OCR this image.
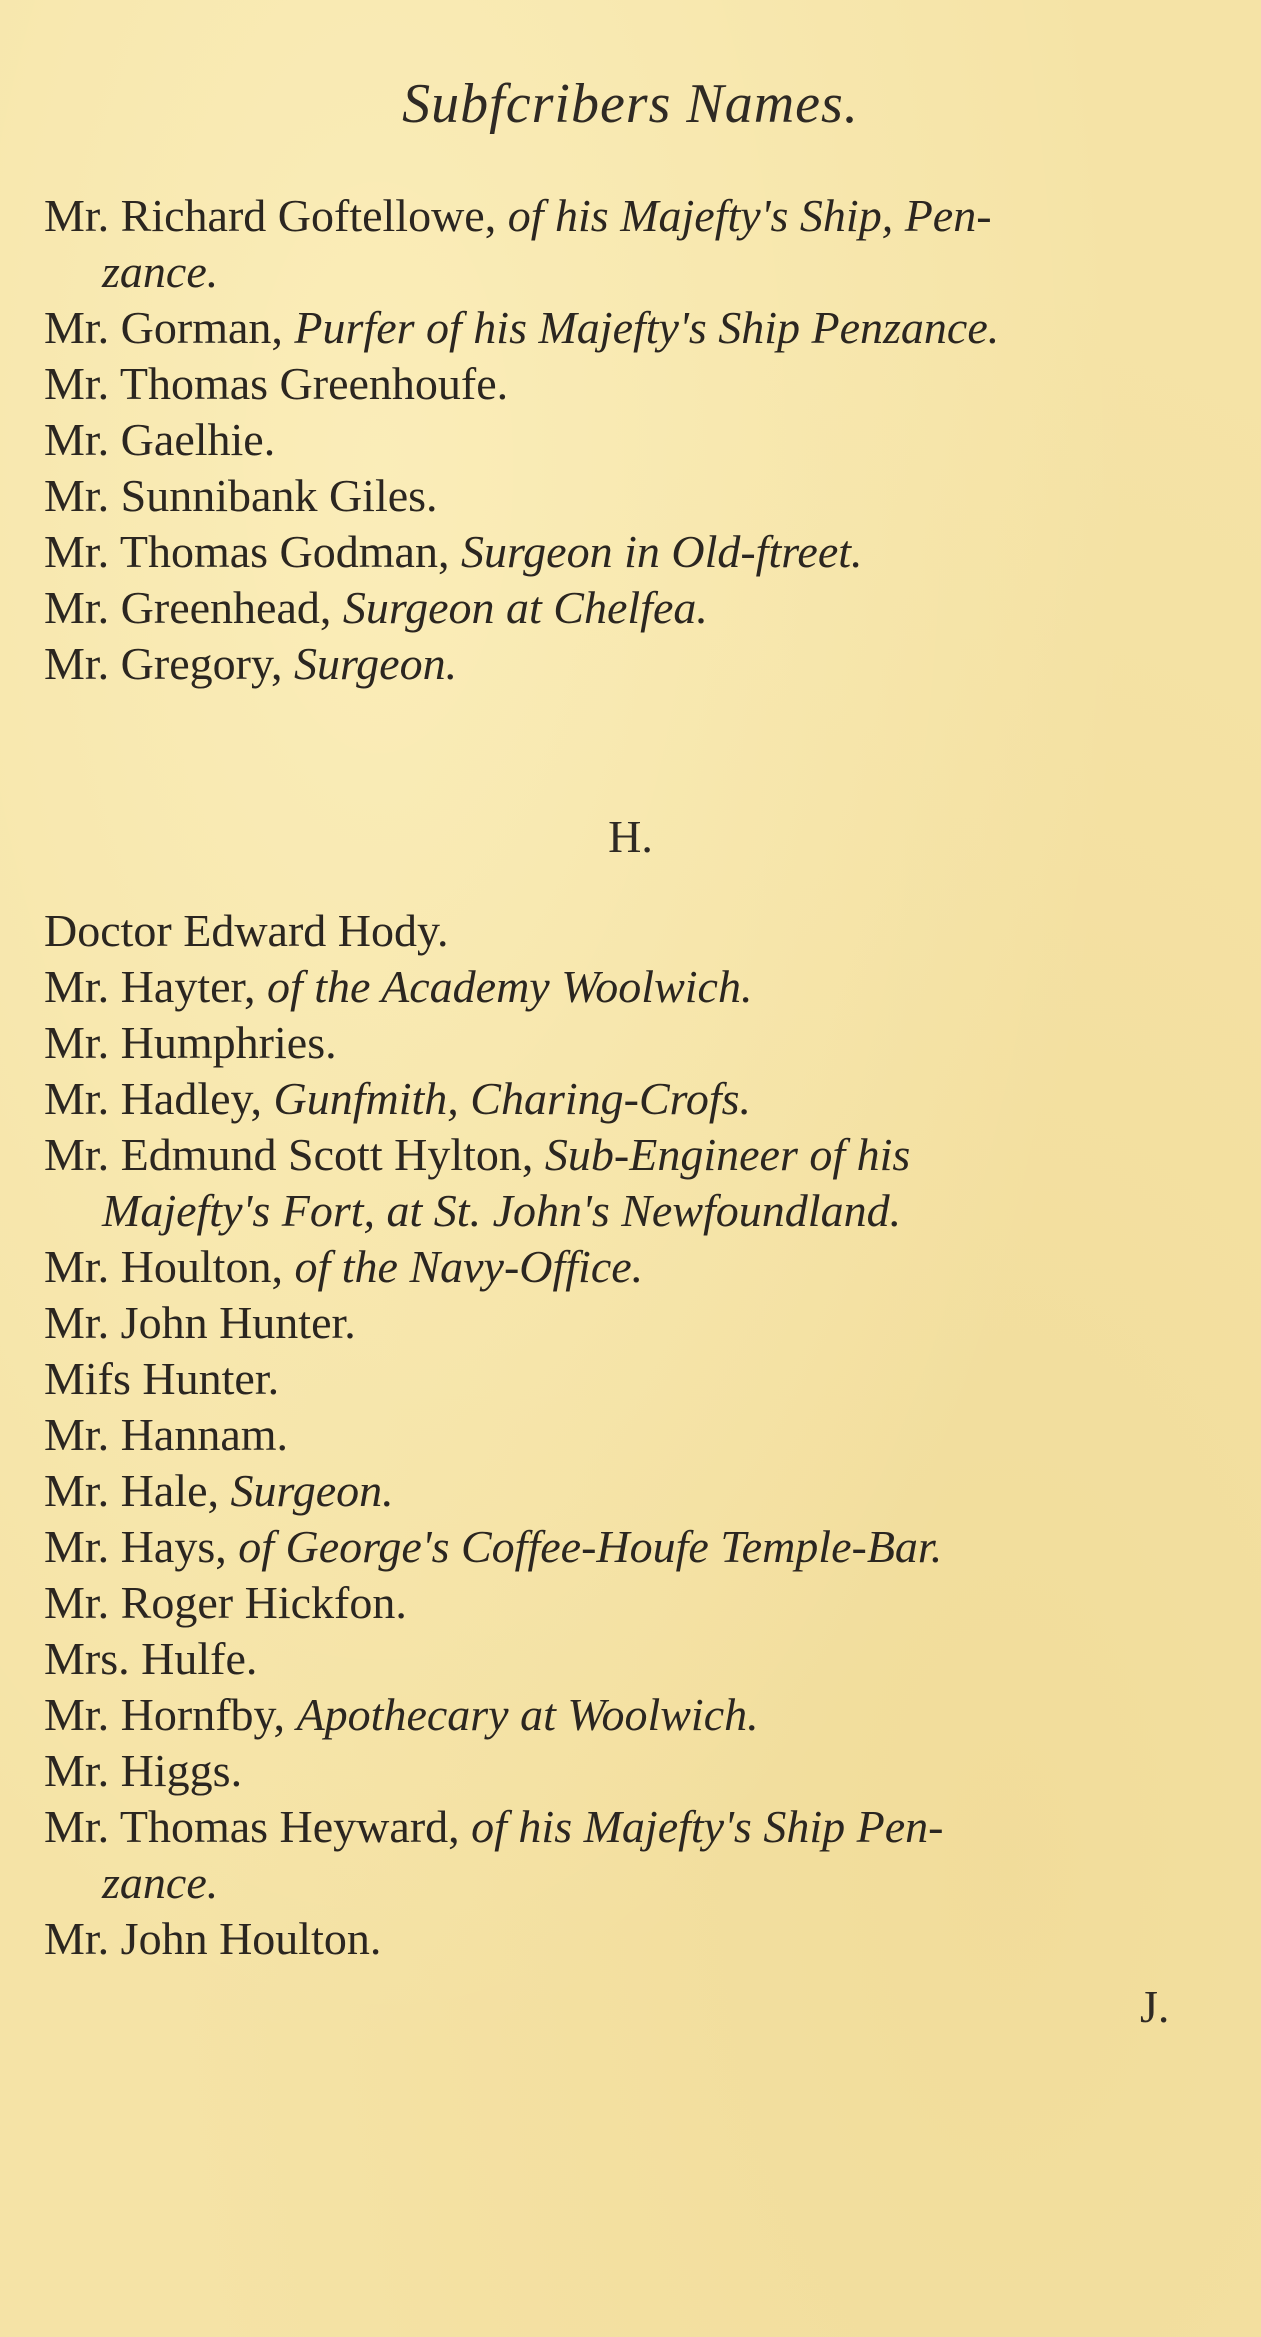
Subfcribers Names.
Mr. Richard Goftellowe, of his Majefty's Ship, Pen-
zance.
Mr. Gorman, Purfer of his Majefty's Ship Penzance.
Mr. Thomas Greenhoufe.
Mr. Gaelhie.
Mr. Sunnibank Giles.
Mr. Thomas Godman, Surgeon in Old-ftreet.
Mr. Greenhead, Surgeon at Chelfea.
Mr. Gregory, Surgeon.
H.
Doctor Edward Hody.
Mr. Hayter, of the Academy Woolwich.
Mr. Humphries.
Mr. Hadley, Gunfmith, Charing-Crofs.
Mr. Edmund Scott Hylton, Sub-Engineer of his
Majefty's Fort, at St. John's Newfoundland.
Mr. Houlton, of the Navy-Office.
Mr. John Hunter.
Mifs Hunter.
Mr. Hannam.
Mr. Hale, Surgeon.
Mr. Hays, of George's Coffee-Houfe Temple-Bar.
Mr. Roger Hickfon.
Mrs. Hulfe.
Mr. Hornfby, Apothecary at Woolwich.
Mr. Higgs.
Mr. Thomas Heyward, of his Majefty's Ship Pen-
zance.
Mr. John Houlton.
J.
